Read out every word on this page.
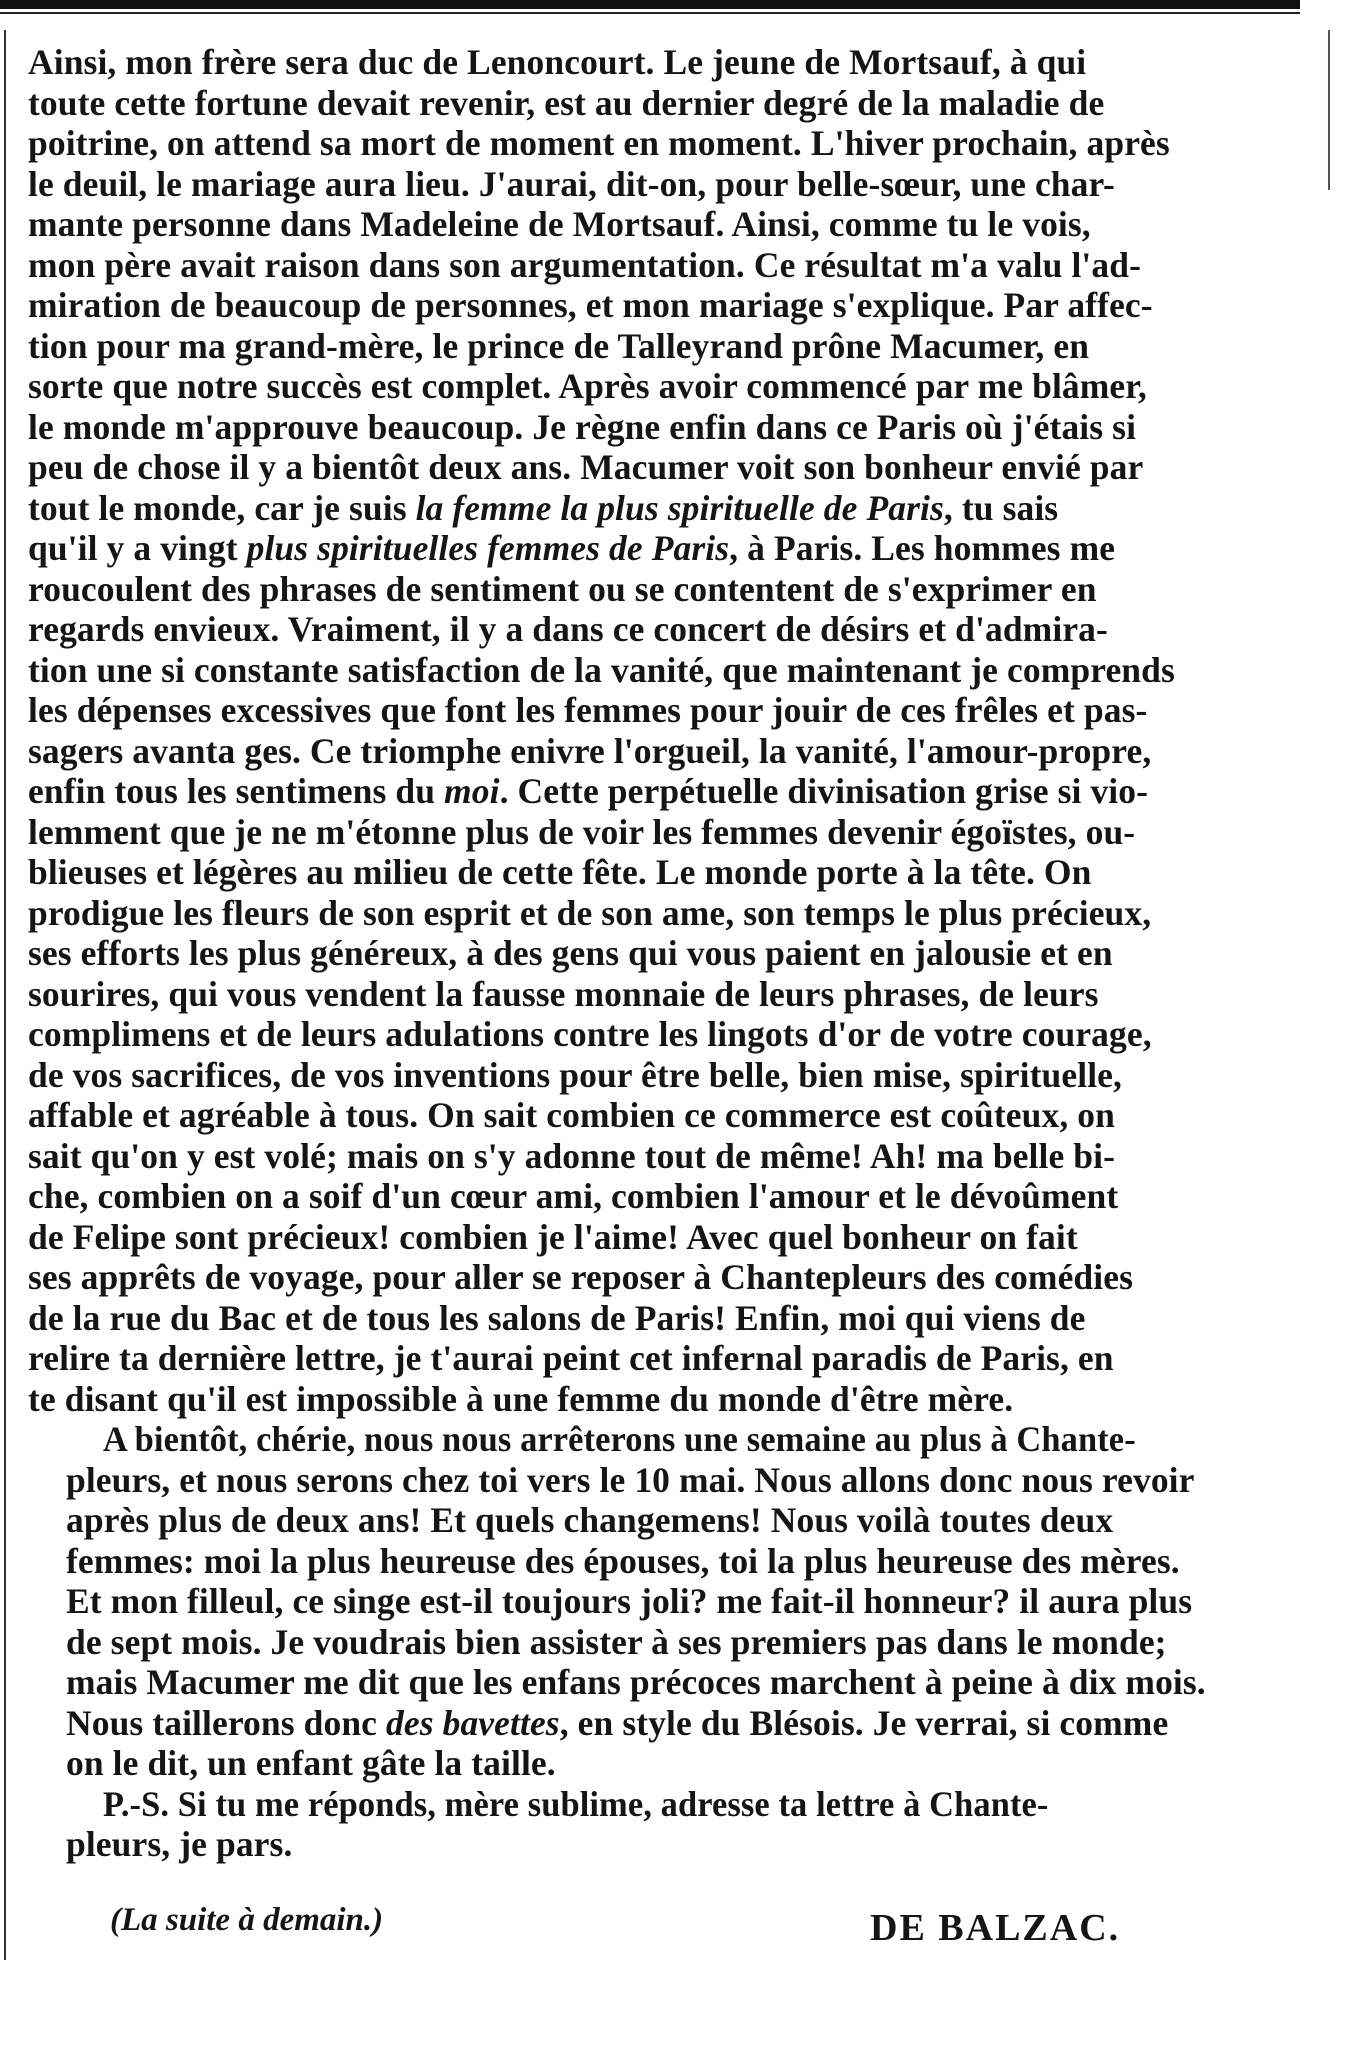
Ainsi, mon frère sera duc de Lenoncourt. Le jeune de Mortsauf, à qui
toute cette fortune devait revenir, est au dernier degré de la maladie de
poitrine, on attend sa mort de moment en moment. L'hiver prochain, après
le deuil, le mariage aura lieu. J'aurai, dit-on, pour belle-sœur, une char-
mante personne dans Madeleine de Mortsauf. Ainsi, comme tu le vois,
mon père avait raison dans son argumentation. Ce résultat m'a valu l'ad-
miration de beaucoup de personnes, et mon mariage s'explique. Par affec-
tion pour ma grand-mère, le prince de Talleyrand prône Macumer, en
sorte que notre succès est complet. Après avoir commencé par me blâmer,
le monde m'approuve beaucoup. Je règne enfin dans ce Paris où j'étais si
peu de chose il y a bientôt deux ans. Macumer voit son bonheur envié par
tout le monde, car je suis la femme la plus spirituelle de Paris, tu sais
qu'il y a vingt plus spirituelles femmes de Paris, à Paris. Les hommes me
roucoulent des phrases de sentiment ou se contentent de s'exprimer en
regards envieux. Vraiment, il y a dans ce concert de désirs et d'admira-
tion une si constante satisfaction de la vanité, que maintenant je comprends
les dépenses excessives que font les femmes pour jouir de ces frêles et pas-
sagers avanta ges. Ce triomphe enivre l'orgueil, la vanité, l'amour-propre,
enfin tous les sentimens du moi. Cette perpétuelle divinisation grise si vio-
lemment que je ne m'étonne plus de voir les femmes devenir égoïstes, ou-
blieuses et légères au milieu de cette fête. Le monde porte à la tête. On
prodigue les fleurs de son esprit et de son ame, son temps le plus précieux,
ses efforts les plus généreux, à des gens qui vous paient en jalousie et en
sourires, qui vous vendent la fausse monnaie de leurs phrases, de leurs
complimens et de leurs adulations contre les lingots d'or de votre courage,
de vos sacrifices, de vos inventions pour être belle, bien mise, spirituelle,
affable et agréable à tous. On sait combien ce commerce est coûteux, on
sait qu'on y est volé; mais on s'y adonne tout de même! Ah! ma belle bi-
che, combien on a soif d'un cœur ami, combien l'amour et le dévoûment
de Felipe sont précieux! combien je l'aime! Avec quel bonheur on fait
ses apprêts de voyage, pour aller se reposer à Chantepleurs des comédies
de la rue du Bac et de tous les salons de Paris! Enfin, moi qui viens de
relire ta dernière lettre, je t'aurai peint cet infernal paradis de Paris, en
te disant qu'il est impossible à une femme du monde d'être mère.

A bientôt, chérie, nous nous arrêterons une semaine au plus à Chante-
pleurs, et nous serons chez toi vers le 10 mai. Nous allons donc nous revoir
après plus de deux ans! Et quels changemens! Nous voilà toutes deux
femmes: moi la plus heureuse des épouses, toi la plus heureuse des mères.
Et mon filleul, ce singe est-il toujours joli? me fait-il honneur? il aura plus
de sept mois. Je voudrais bien assister à ses premiers pas dans le monde;
mais Macumer me dit que les enfans précoces marchent à peine à dix mois.
Nous taillerons donc des bavettes, en style du Blésois. Je verrai, si comme
on le dit, un enfant gâte la taille.

P.-S. Si tu me réponds, mère sublime, adresse ta lettre à Chante-
pleurs, je pars.

(La suite à demain.)	DE BALZAC.
